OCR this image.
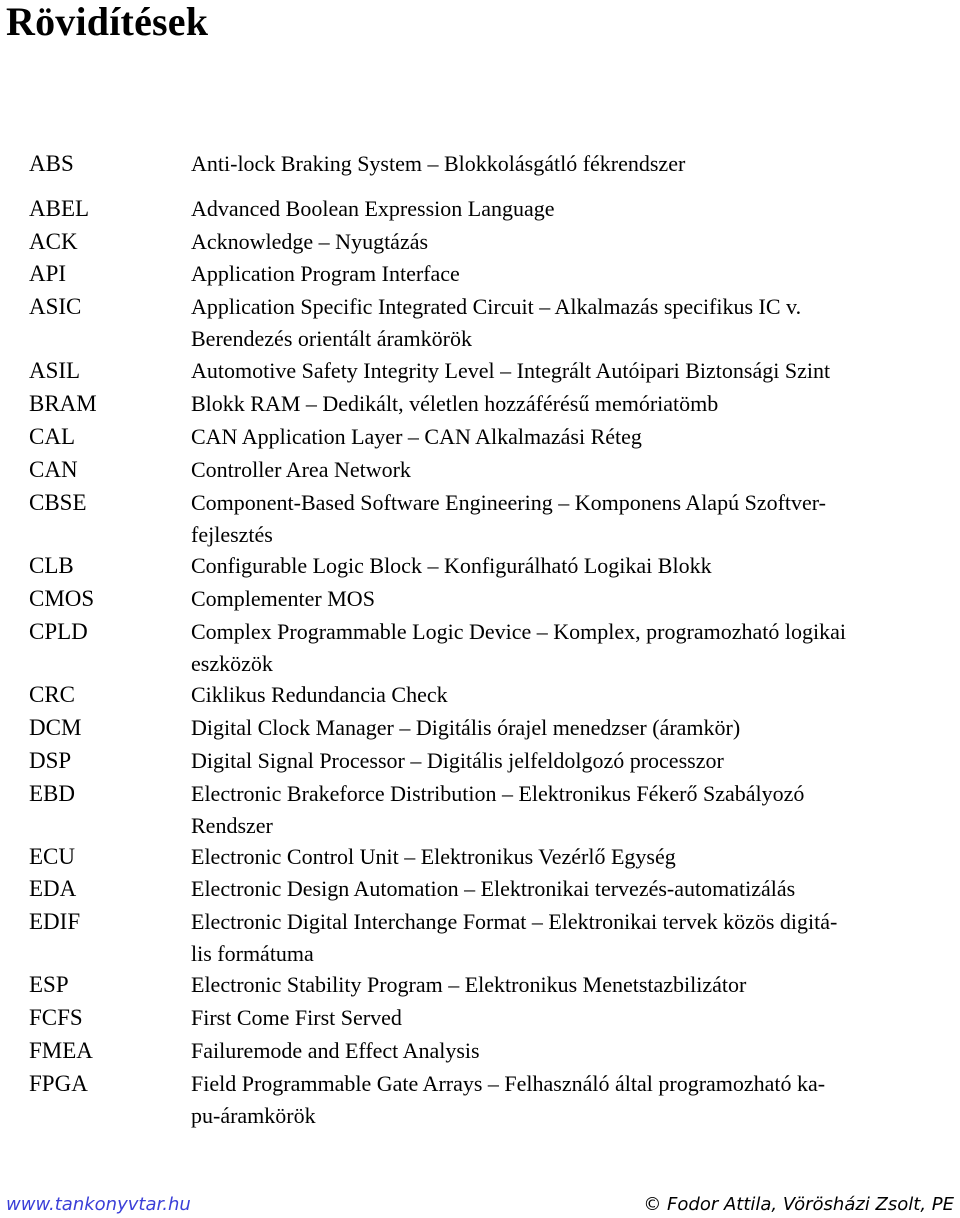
Rövidítések
ABS	Anti-lock Braking System – Blokkolásgátló fékrendszer
ABEL	Advanced Boolean Expression Language
ACK	Acknowledge – Nyugtázás
API	Application Program Interface
ASIC	Application Specific Integrated Circuit – Alkalmazás specifikus IC v.
Berendezés orientált áramkörök
ASIL	Automotive Safety Integrity Level – Integrált Autóipari Biztonsági Szint
BRAM	Blokk RAM – Dedikált, véletlen hozzáférésű memóriatömb
CAL	CAN Application Layer – CAN Alkalmazási Réteg
CAN	Controller Area Network
CBSE	Component-Based Software Engineering – Komponens Alapú Szoftver-
fejlesztés
CLB	Configurable Logic Block – Konfigurálható Logikai Blokk
CMOS	Complementer MOS
CPLD	Complex Programmable Logic Device – Komplex, programozható logikai
eszközök
CRC	Ciklikus Redundancia Check
DCM	Digital Clock Manager – Digitális órajel menedzser (áramkör)
DSP	Digital Signal Processor – Digitális jelfeldolgozó processzor
EBD	Electronic Brakeforce Distribution – Elektronikus Fékerő Szabályozó
Rendszer
ECU	Electronic Control Unit – Elektronikus Vezérlő Egység
EDA	Electronic Design Automation – Elektronikai tervezés-automatizálás
EDIF	Electronic Digital Interchange Format – Elektronikai tervek közös digitá-
lis formátuma
ESP	Electronic Stability Program – Elektronikus Menetstazbilizátor
FCFS	First Come First Served
FMEA	Failuremode and Effect Analysis
FPGA	Field Programmable Gate Arrays – Felhasználó által programozható ka-
pu-áramkörök
www.tankonyvtar.hu	© Fodor Attila, Vörösházi Zsolt, PE
